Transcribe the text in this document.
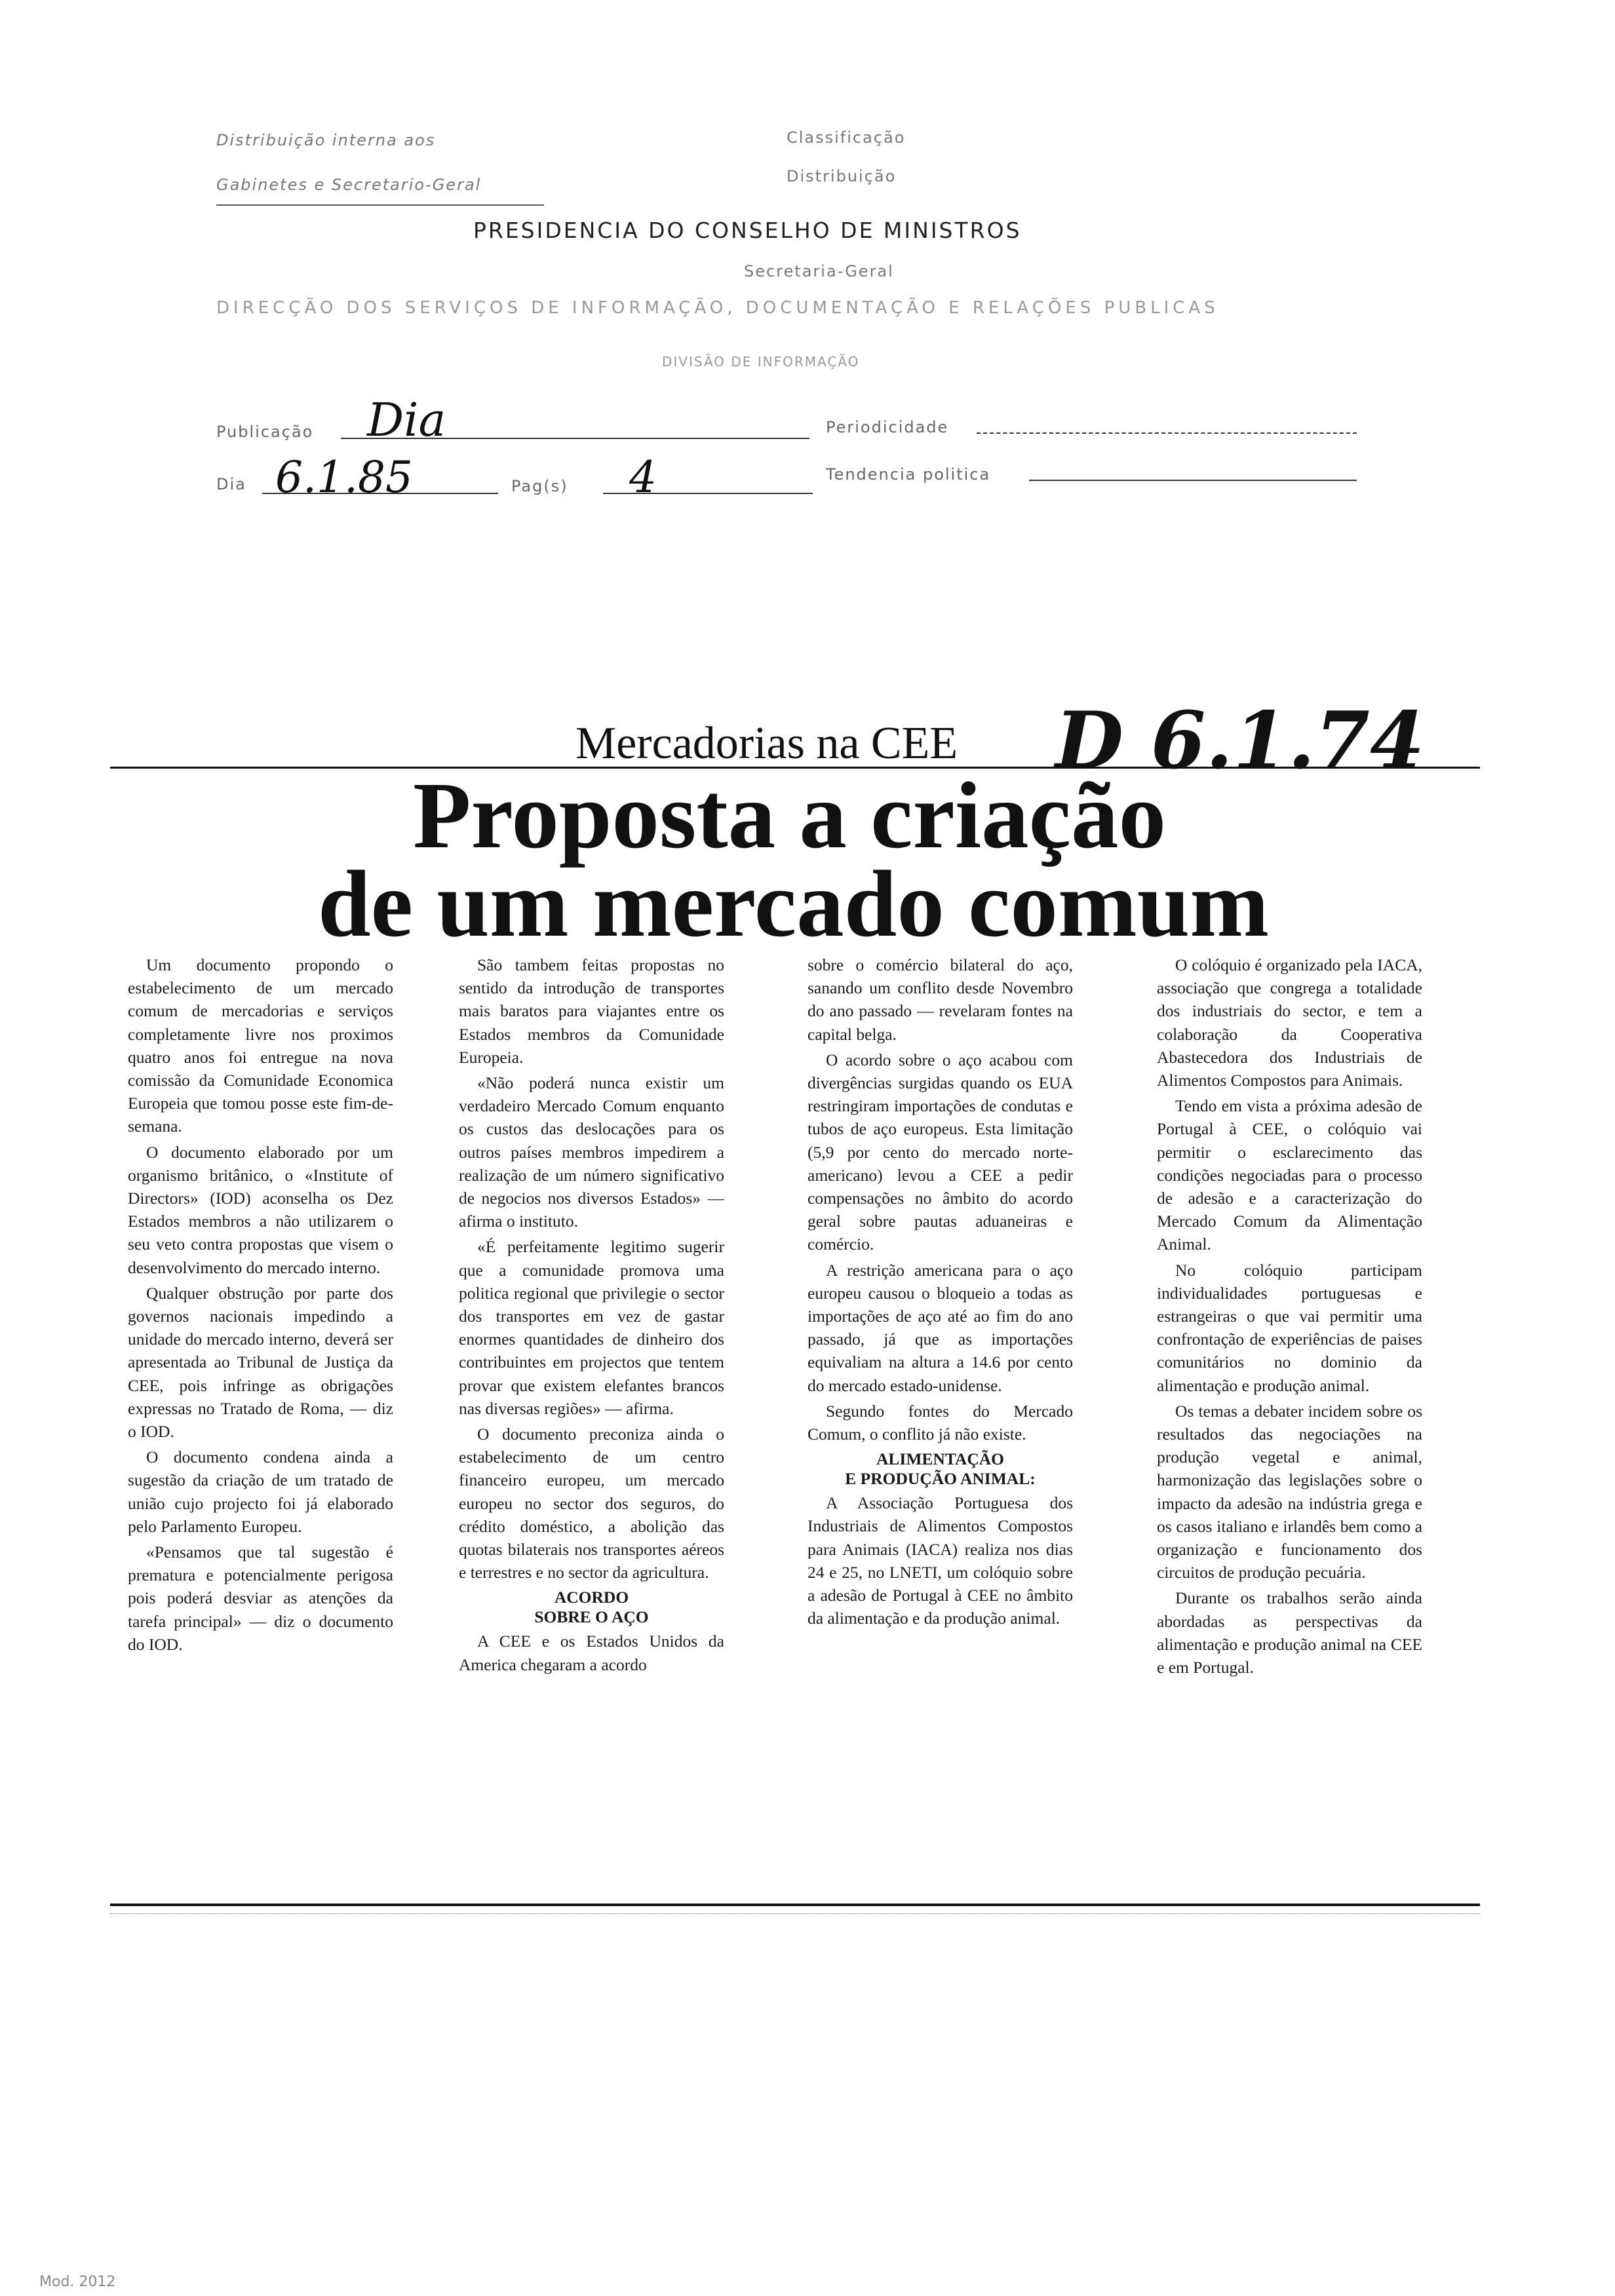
Distribuição interna aos
Gabinetes e Secretario-Geral
Classificação
Distribuição
PRESIDENCIA DO CONSELHO DE MINISTROS
Secretaria-Geral
DIRECÇÃO DOS SERVIÇOS DE INFORMAÇÃO, DOCUMENTAÇÃO E RELAÇÕES PUBLICAS
DIVISÃO DE INFORMAÇÃO
Publicação Dia	Periodicidade
Dia 6.1.85	Pag(s) 4	Tendencia politica
Mercadorias na CEE D 6.1.74
Proposta a criação
de um mercado comum

Um documento propondo o estabelecimento de um mercado comum de mercadorias e serviços completamente livre nos proximos quatro anos foi entregue na nova comissão da Comunidade Economica Europeia que tomou posse este fim-de-semana.

O documento elaborado por um organismo britânico, o «Institute of Directors» (IOD) aconselha os Dez Estados membros a não utilizarem o seu veto contra propostas que visem o desenvolvimento do mercado interno.

Qualquer obstrução por parte dos governos nacionais impedindo a unidade do mercado interno, deverá ser apresentada ao Tribunal de Justiça da CEE, pois infringe as obrigações expressas no Tratado de Roma, — diz o IOD.

O documento condena ainda a sugestão da criação de um tratado de união cujo projecto foi já elaborado pelo Parlamento Europeu.

«Pensamos que tal sugestão é prematura e potencialmente perigosa pois poderá desviar as atenções da tarefa principal» — diz o documento do IOD.

São tambem feitas propostas no sentido da introdução de transportes mais baratos para viajantes entre os Estados membros da Comunidade Europeia.

«Não poderá nunca existir um verdadeiro Mercado Comum enquanto os custos das deslocações para os outros países membros impedirem a realização de um número significativo de negocios nos diversos Estados» — afirma o instituto.

«É perfeitamente legitimo sugerir que a comunidade promova uma politica regional que privilegie o sector dos transportes em vez de gastar enormes quantidades de dinheiro dos contribuintes em projectos que tentem provar que existem elefantes brancos nas diversas regiões» — afirma.

O documento preconiza ainda o estabelecimento de um centro financeiro europeu, um mercado europeu no sector dos seguros, do crédito doméstico, a abolição das quotas bilaterais nos transportes aéreos e terrestres e no sector da agricultura.

ACORDO
SOBRE O AÇO

A CEE e os Estados Unidos da America chegaram a acordo

sobre o comércio bilateral do aço, sanando um conflito desde Novembro do ano passado — revelaram fontes na capital belga.

O acordo sobre o aço acabou com divergências surgidas quando os EUA restringiram importações de condutas e tubos de aço europeus. Esta limitação (5,9 por cento do mercado norte-americano) levou a CEE a pedir compensações no âmbito do acordo geral sobre pautas aduaneiras e comércio.

A restrição americana para o aço europeu causou o bloqueio a todas as importações de aço até ao fim do ano passado, já que as importações equivaliam na altura a 14.6 por cento do mercado estado-unidense.

Segundo fontes do Mercado Comum, o conflito já não existe.

ALIMENTAÇÃO
E PRODUÇÃO ANIMAL:

A Associação Portuguesa dos Industriais de Alimentos Compostos para Animais (IACA) realiza nos dias 24 e 25, no LNETI, um colóquio sobre a adesão de Portugal à CEE no âmbito da alimentação e da produção animal.

O colóquio é organizado pela IACA, associação que congrega a totalidade dos industriais do sector, e tem a colaboração da Cooperativa Abastecedora dos Industriais de Alimentos Compostos para Animais.

Tendo em vista a próxima adesão de Portugal à CEE, o colóquio vai permitir o esclarecimento das condições negociadas para o processo de adesão e a caracterização do Mercado Comum da Alimentação Animal.

No colóquio participam individualidades portuguesas e estrangeiras o que vai permitir uma confrontação de experiências de paises comunitários no dominio da alimentação e produção animal.

Os temas a debater incidem sobre os resultados das negociações na produção vegetal e animal, harmonização das legislações sobre o impacto da adesão na indústria grega e os casos italiano e irlandês bem como a organização e funcionamento dos circuitos de produção pecuária.

Durante os trabalhos serão ainda abordadas as perspectivas da alimentação e produção animal na CEE e em Portugal.

Mod. 2012
